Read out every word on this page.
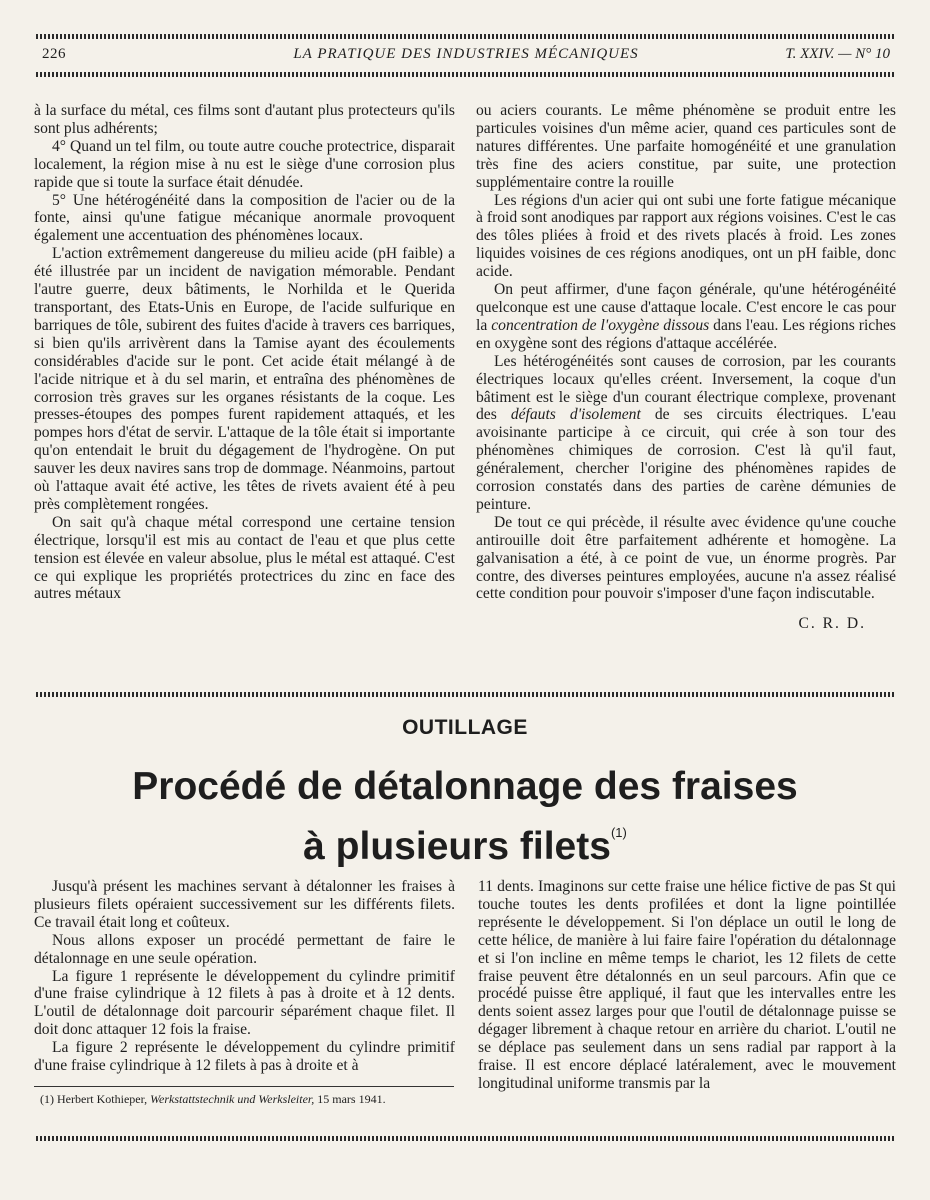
226	LA PRATIQUE DES INDUSTRIES MÉCANIQUES	T. XXIV. — N° 10

à la surface du métal, ces films sont d'autant plus protecteurs qu'ils sont plus adhérents;

4° Quand un tel film, ou toute autre couche protectrice, disparait localement, la région mise à nu est le siège d'une corrosion plus rapide que si toute la surface était dénudée.

5° Une hétérogénéité dans la composition de l'acier ou de la fonte, ainsi qu'une fatigue mécanique anormale provoquent également une accentuation des phénomènes locaux.

L'action extrêmement dangereuse du milieu acide (pH faible) a été illustrée par un incident de navigation mémorable. Pendant l'autre guerre, deux bâtiments, le Norhilda et le Querida transportant, des Etats-Unis en Europe, de l'acide sulfurique en barriques de tôle, subirent des fuites d'acide à travers ces barriques, si bien qu'ils arrivèrent dans la Tamise ayant des écoulements considérables d'acide sur le pont. Cet acide était mélangé à de l'acide nitrique et à du sel marin, et entraîna des phénomènes de corrosion très graves sur les organes résistants de la coque. Les presses-étoupes des pompes furent rapidement attaqués, et les pompes hors d'état de servir. L'attaque de la tôle était si importante qu'on entendait le bruit du dégagement de l'hydrogène. On put sauver les deux navires sans trop de dommage. Néanmoins, partout où l'attaque avait été active, les têtes de rivets avaient été à peu près complètement rongées.

On sait qu'à chaque métal correspond une certaine tension électrique, lorsqu'il est mis au contact de l'eau et que plus cette tension est élevée en valeur absolue, plus le métal est attaqué. C'est ce qui explique les propriétés protectrices du zinc en face des autres métaux

ou aciers courants. Le même phénomène se produit entre les particules voisines d'un même acier, quand ces particules sont de natures différentes. Une parfaite homogénéité et une granulation très fine des aciers constitue, par suite, une protection supplémentaire contre la rouille

Les régions d'un acier qui ont subi une forte fatigue mécanique à froid sont anodiques par rapport aux régions voisines. C'est le cas des tôles pliées à froid et des rivets placés à froid. Les zones liquides voisines de ces régions anodiques, ont un pH faible, donc acide.

On peut affirmer, d'une façon générale, qu'une hétérogénéité quelconque est une cause d'attaque locale. C'est encore le cas pour la concentration de l'oxygène dissous dans l'eau. Les régions riches en oxygène sont des régions d'attaque accélérée.

Les hétérogénéités sont causes de corrosion, par les courants électriques locaux qu'elles créent. Inversement, la coque d'un bâtiment est le siège d'un courant électrique complexe, provenant des défauts d'isolement de ses circuits électriques. L'eau avoisinante participe à ce circuit, qui crée à son tour des phénomènes chimiques de corrosion. C'est là qu'il faut, généralement, chercher l'origine des phénomènes rapides de corrosion constatés dans des parties de carène démunies de peinture.

De tout ce qui précède, il résulte avec évidence qu'une couche antirouille doit être parfaitement adhérente et homogène. La galvanisation a été, à ce point de vue, un énorme progrès. Par contre, des diverses peintures employées, aucune n'a assez réalisé cette condition pour pouvoir s'imposer d'une façon indiscutable.

C. R. D.

OUTILLAGE
Procédé de détalonnage des fraises
à plusieurs filets$^{(1)}$

Jusqu'à présent les machines servant à détalonner les fraises à plusieurs filets opéraient successivement sur les différents filets. Ce travail était long et coûteux.

Nous allons exposer un procédé permettant de faire le détalonnage en une seule opération.

La figure 1 représente le développement du cylindre primitif d'une fraise cylindrique à 12 filets à pas à droite et à 12 dents. L'outil de détalonnage doit parcourir séparément chaque filet. Il doit donc attaquer 12 fois la fraise.

La figure 2 représente le développement du cylindre primitif d'une fraise cylindrique à 12 filets à pas à droite et à

11 dents. Imaginons sur cette fraise une hélice fictive de pas St qui touche toutes les dents profilées et dont la ligne pointillée représente le développement. Si l'on déplace un outil le long de cette hélice, de manière à lui faire faire l'opération du détalonnage et si l'on incline en même temps le chariot, les 12 filets de cette fraise peuvent être détalonnés en un seul parcours. Afin que ce procédé puisse être appliqué, il faut que les intervalles entre les dents soient assez larges pour que l'outil de détalonnage puisse se dégager librement à chaque retour en arrière du chariot. L'outil ne se déplace pas seulement dans un sens radial par rapport à la fraise. Il est encore déplacé latéralement, avec le mouvement longitudinal uniforme transmis par la

(1) Herbert Kothieper, Werkstattstechnik und Werksleiter, 15 mars 1941.
